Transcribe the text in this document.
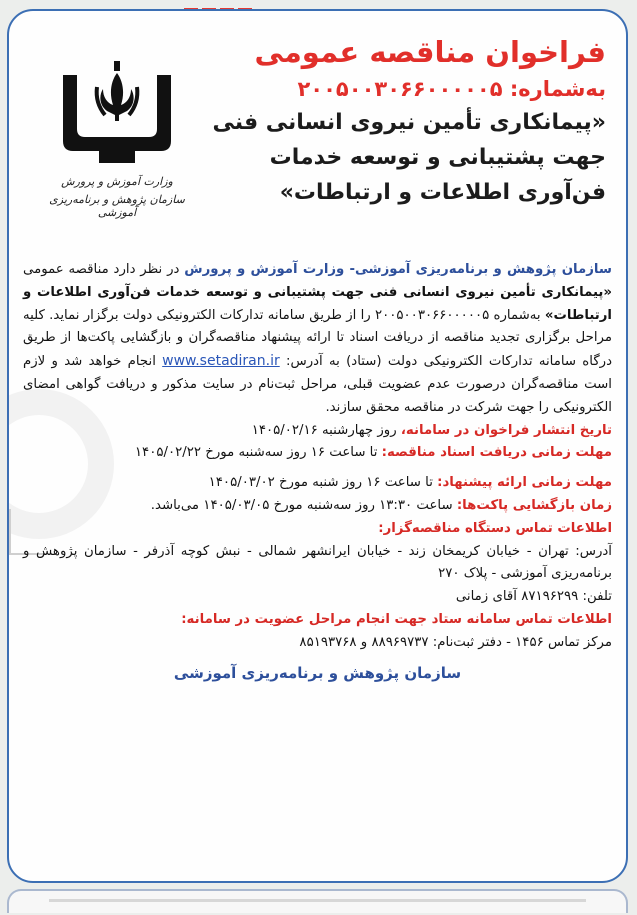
فراخوان مناقصه عمومی
به‌شماره: ۲۰۰۵۰۰۳۰۶۶۰۰۰۰۰۵
«پیمانکاری تأمین نیروی انسانی فنی
جهت پشتیبانی و توسعه خدمات
فن‌آوری اطلاعات و ارتباطات»
وزارت آموزش و پرورش
سازمان پژوهش و برنامه‌ریزی آموزشی
سازمان پژوهش و برنامه‌ریزی آموزشی- وزارت آموزش و پرورش در نظر دارد مناقصه عمومی «پیمانکاری تأمین نیروی انسانی فنی جهت پشتیبانی و توسعه خدمات فن‌آوری اطلاعات و ارتباطات» به‌شماره ۲۰۰۵۰۰۳۰۶۶۰۰۰۰۰۵ را از طریق سامانه تدارکات الکترونیکی دولت برگزار نماید. کلیه مراحل برگزاری تجدید مناقصه از دریافت اسناد تا ارائه پیشنهاد مناقصه‌گران و بازگشایی پاکت‌ها از طریق درگاه سامانه تدارکات الکترونیکی دولت (ستاد) به آدرس: www.setadiran.ir انجام خواهد شد و لازم است مناقصه‌گران درصورت عدم عضویت قبلی، مراحل ثبت‌نام در سایت مذکور و دریافت گواهی امضای الکترونیکی را جهت شرکت در مناقصه محقق سازند.
تاریخ انتشار فراخوان در سامانه، روز چهارشنبه ۱۴۰۵/۰۲/۱۶
مهلت زمانی دریافت اسناد مناقصه: تا ساعت ۱۶ روز سه‌شنبه مورخ ۱۴۰۵/۰۲/۲۲
مهلت زمانی ارائه پیشنهاد: تا ساعت ۱۶ روز شنبه مورخ ۱۴۰۵/۰۳/۰۲
زمان بازگشایی پاکت‌ها: ساعت ۱۳:۳۰ روز سه‌شنبه مورخ ۱۴۰۵/۰۳/۰۵ می‌باشد.
اطلاعات تماس دستگاه مناقصه‌گزار:
آدرس: تهران - خیابان کریمخان زند - خیابان ایرانشهر شمالی - نبش کوچه آذرفر - سازمان پژوهش و برنامه‌ریزی آموزشی - پلاک ۲۷۰
تلفن: ۸۷۱۹۶۲۹۹ آقای زمانی
اطلاعات تماس سامانه ستاد جهت انجام مراحل عضویت در سامانه:
مرکز تماس ۱۴۵۶ - دفتر ثبت‌نام: ۸۸۹۶۹۷۳۷ و ۸۵۱۹۳۷۶۸
سازمان پژوهش و برنامه‌ریزی آموزشی
